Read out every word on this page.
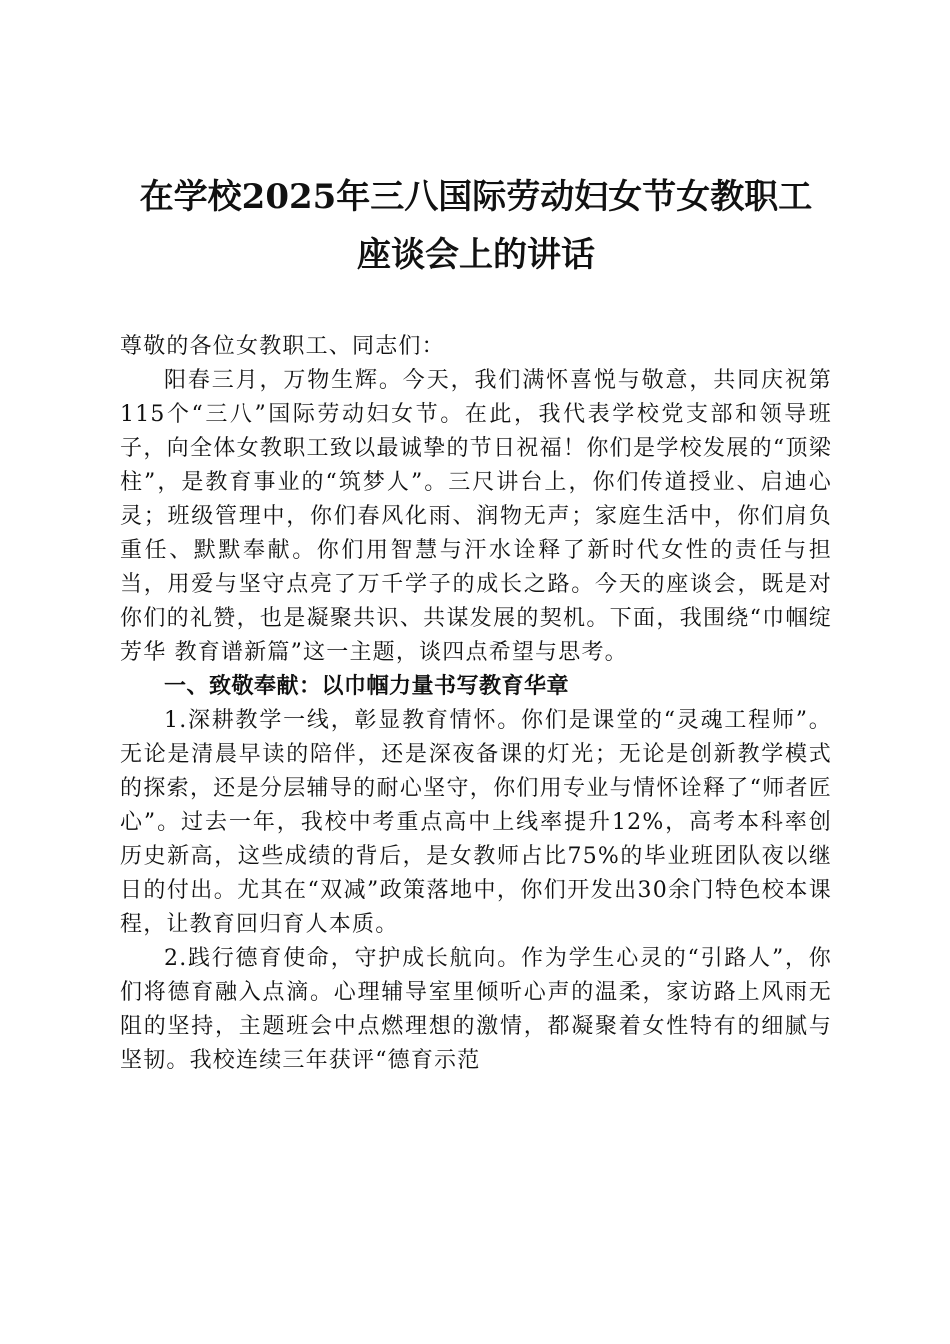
在学校2025年三八国际劳动妇女节女教职工
座谈会上的讲话

尊敬的各位女教职工、同志们：

阳春三月，万物生辉。今天，我们满怀喜悦与敬意，共同庆祝第115个“三八”国际劳动妇女节。在此，我代表学校党支部和领导班子，向全体女教职工致以最诚挚的节日祝福！你们是学校发展的“顶梁柱”，是教育事业的“筑梦人”。三尺讲台上，你们传道授业、启迪心灵；班级管理中，你们春风化雨、润物无声；家庭生活中，你们肩负重任、默默奉献。你们用智慧与汗水诠释了新时代女性的责任与担当，用爱与坚守点亮了万千学子的成长之路。今天的座谈会，既是对你们的礼赞，也是凝聚共识、共谋发展的契机。下面，我围绕“巾帼绽芳华 教育谱新篇”这一主题，谈四点希望与思考。

一、致敬奉献：以巾帼力量书写教育华章

1.深耕教学一线，彰显教育情怀。你们是课堂的“灵魂工程师”。无论是清晨早读的陪伴，还是深夜备课的灯光；无论是创新教学模式的探索，还是分层辅导的耐心坚守，你们用专业与情怀诠释了“师者匠心”。过去一年，我校中考重点高中上线率提升12%，高考本科率创历史新高，这些成绩的背后，是女教师占比75%的毕业班团队夜以继日的付出。尤其在“双减”政策落地中，你们开发出30余门特色校本课程，让教育回归育人本质。

2.践行德育使命，守护成长航向。作为学生心灵的“引路人”，你们将德育融入点滴。心理辅导室里倾听心声的温柔，家访路上风雨无阻的坚持，主题班会中点燃理想的激情，都凝聚着女性特有的细腻与坚韧。我校连续三年获评“德育示范
